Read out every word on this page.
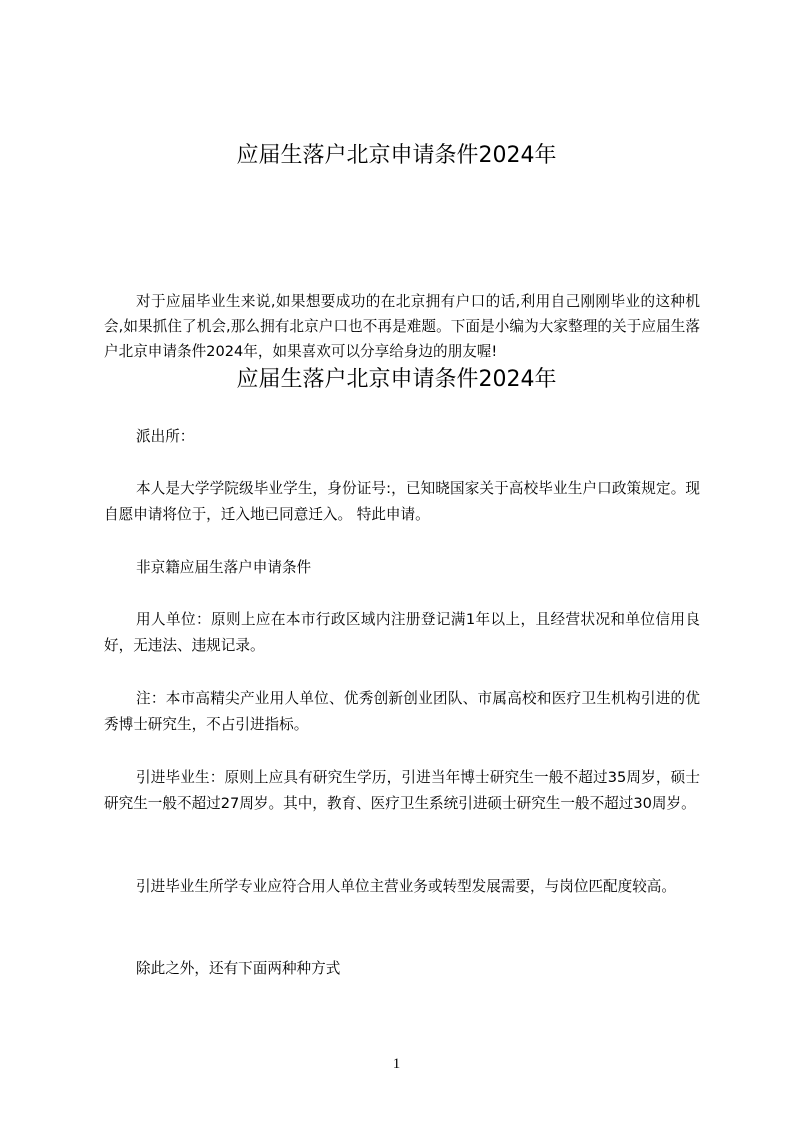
应届生落户北京申请条件2024年

对于应届毕业生来说,如果想要成功的在北京拥有户口的话,利用自己刚刚毕业的这种机会,如果抓住了机会,那么拥有北京户口也不再是难题。下面是小编为大家整理的关于应届生落户北京申请条件2024年，如果喜欢可以分享给身边的朋友喔!

应届生落户北京申请条件2024年

派出所：

本人是大学学院级毕业学生，身份证号:，已知晓国家关于高校毕业生户口政策规定。现自愿申请将位于，迁入地已同意迁入。 特此申请。

非京籍应届生落户申请条件

用人单位：原则上应在本市行政区域内注册登记满1年以上，且经营状况和单位信用良好，无违法、违规记录。

注：本市高精尖产业用人单位、优秀创新创业团队、市属高校和医疗卫生机构引进的优秀博士研究生，不占引进指标。

引进毕业生：原则上应具有研究生学历，引进当年博士研究生一般不超过35周岁，硕士研究生一般不超过27周岁。其中，教育、医疗卫生系统引进硕士研究生一般不超过30周岁。

引进毕业生所学专业应符合用人单位主营业务或转型发展需要，与岗位匹配度较高。

除此之外，还有下面两种种方式

1
